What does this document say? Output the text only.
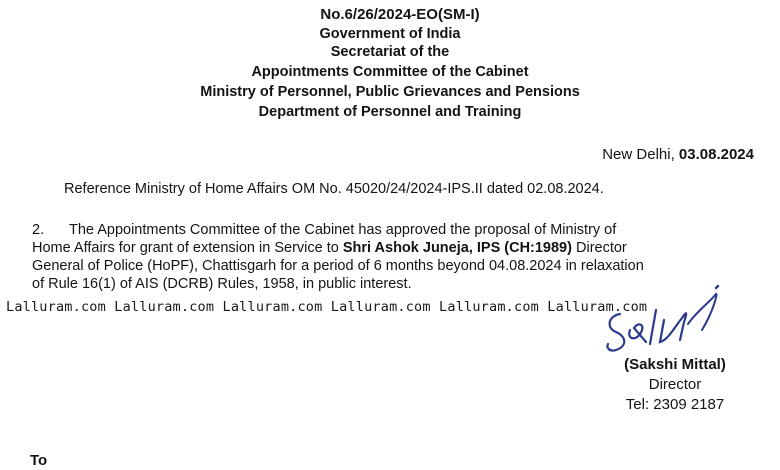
No.6/26/2024-EO(SM-I)
Government of India
Secretariat of the
Appointments Committee of the Cabinet
Ministry of Personnel, Public Grievances and Pensions
Department of Personnel and Training
New Delhi, 03.08.2024
Reference Ministry of Home Affairs OM No. 45020/24/2024-IPS.II dated 02.08.2024.
2. The Appointments Committee of the Cabinet has approved the proposal of Ministry of
Home Affairs for grant of extension in Service to Shri Ashok Juneja, IPS (CH:1989) Director
General of Police (HoPF), Chattisgarh for a period of 6 months beyond 04.08.2024 in relaxation
of Rule 16(1) of AIS (DCRB) Rules, 1958, in public interest.
Lalluram.com Lalluram.com Lalluram.com Lalluram.com Lalluram.com Lalluram.com
(Sakshi Mittal)
Director
Tel: 2309 2187
To
